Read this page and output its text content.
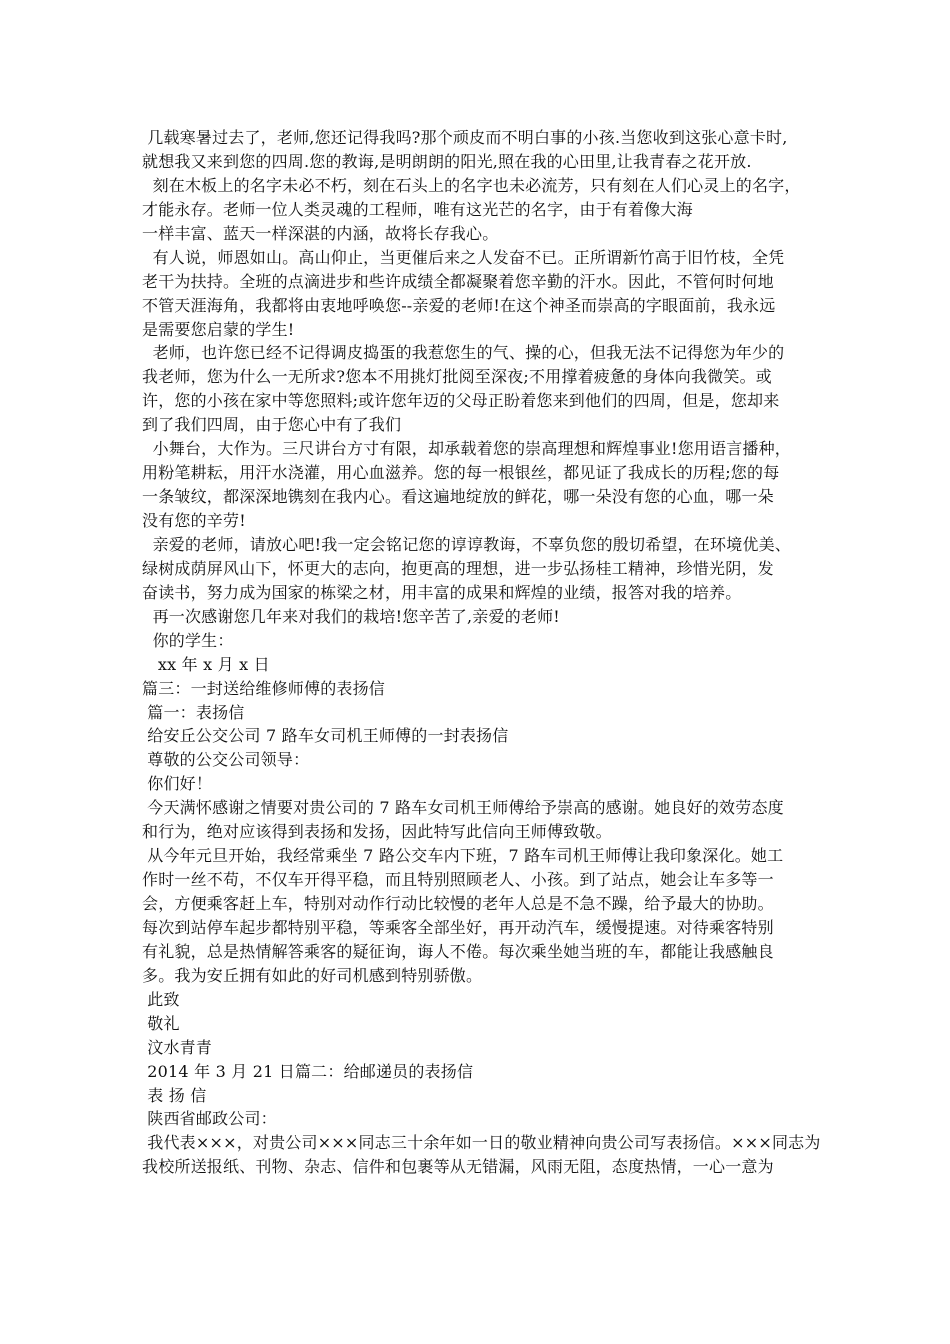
几载寒暑过去了，老师,您还记得我吗?那个顽皮而不明白事的小孩.当您收到这张心意卡时,
就想我又来到您的四周.您的教诲,是明朗朗的阳光,照在我的心田里,让我青春之花开放.
刻在木板上的名字未必不朽，刻在石头上的名字也未必流芳，只有刻在人们心灵上的名字，
才能永存。老师一位人类灵魂的工程师，唯有这光芒的名字，由于有着像大海
一样丰富、蓝天一样深湛的内涵，故将长存我心。
有人说，师恩如山。高山仰止，当更催后来之人发奋不已。正所谓新竹高于旧竹枝，全凭
老干为扶持。全班的点滴进步和些许成绩全都凝聚着您辛勤的汗水。因此，不管何时何地
不管天涯海角，我都将由衷地呼唤您--亲爱的老师!在这个神圣而崇高的字眼面前，我永远
是需要您启蒙的学生!
老师，也许您已经不记得调皮捣蛋的我惹您生的气、操的心，但我无法不记得您为年少的
我老师，您为什么一无所求?您本不用挑灯批阅至深夜;不用撑着疲惫的身体向我微笑。或
许，您的小孩在家中等您照料;或许您年迈的父母正盼着您来到他们的四周，但是，您却来
到了我们四周，由于您心中有了我们
小舞台，大作为。三尺讲台方寸有限，却承载着您的崇高理想和辉煌事业!您用语言播种，
用粉笔耕耘，用汗水浇灌，用心血滋养。您的每一根银丝，都见证了我成长的历程;您的每
一条皱纹，都深深地镌刻在我内心。看这遍地绽放的鲜花，哪一朵没有您的心血，哪一朵
没有您的辛劳!
亲爱的老师，请放心吧!我一定会铭记您的谆谆教诲，不辜负您的殷切希望，在环境优美、
绿树成荫屏风山下，怀更大的志向，抱更高的理想，进一步弘扬桂工精神，珍惜光阴，发
奋读书，努力成为国家的栋梁之材，用丰富的成果和辉煌的业绩，报答对我的培养。
再一次感谢您几年来对我们的栽培!您辛苦了,亲爱的老师!
你的学生：
xx 年 x 月 x 日
篇三：一封送给维修师傅的表扬信
篇一：表扬信
给安丘公交公司 7 路车女司机王师傅的一封表扬信
尊敬的公交公司领导：
你们好！
今天满怀感谢之情要对贵公司的 7 路车女司机王师傅给予崇高的感谢。她良好的效劳态度
和行为，绝对应该得到表扬和发扬，因此特写此信向王师傅致敬。
从今年元旦开始，我经常乘坐 7 路公交车内下班，7 路车司机王师傅让我印象深化。她工
作时一丝不苟，不仅车开得平稳，而且特别照顾老人、小孩。到了站点，她会让车多等一
会，方便乘客赶上车，特别对动作行动比较慢的老年人总是不急不躁，给予最大的协助。
每次到站停车起步都特别平稳，等乘客全部坐好，再开动汽车，缓慢提速。对待乘客特别
有礼貌，总是热情解答乘客的疑征询，诲人不倦。每次乘坐她当班的车，都能让我感触良
多。我为安丘拥有如此的好司机感到特别骄傲。
此致
敬礼
汶水青青
2014 年 3 月 21 日篇二：给邮递员的表扬信
表 扬 信
陕西省邮政公司：
我代表×××，对贵公司×××同志三十余年如一日的敬业精神向贵公司写表扬信。×××同志为
我校所送报纸、刊物、杂志、信件和包裹等从无错漏，风雨无阻，态度热情，一心一意为
